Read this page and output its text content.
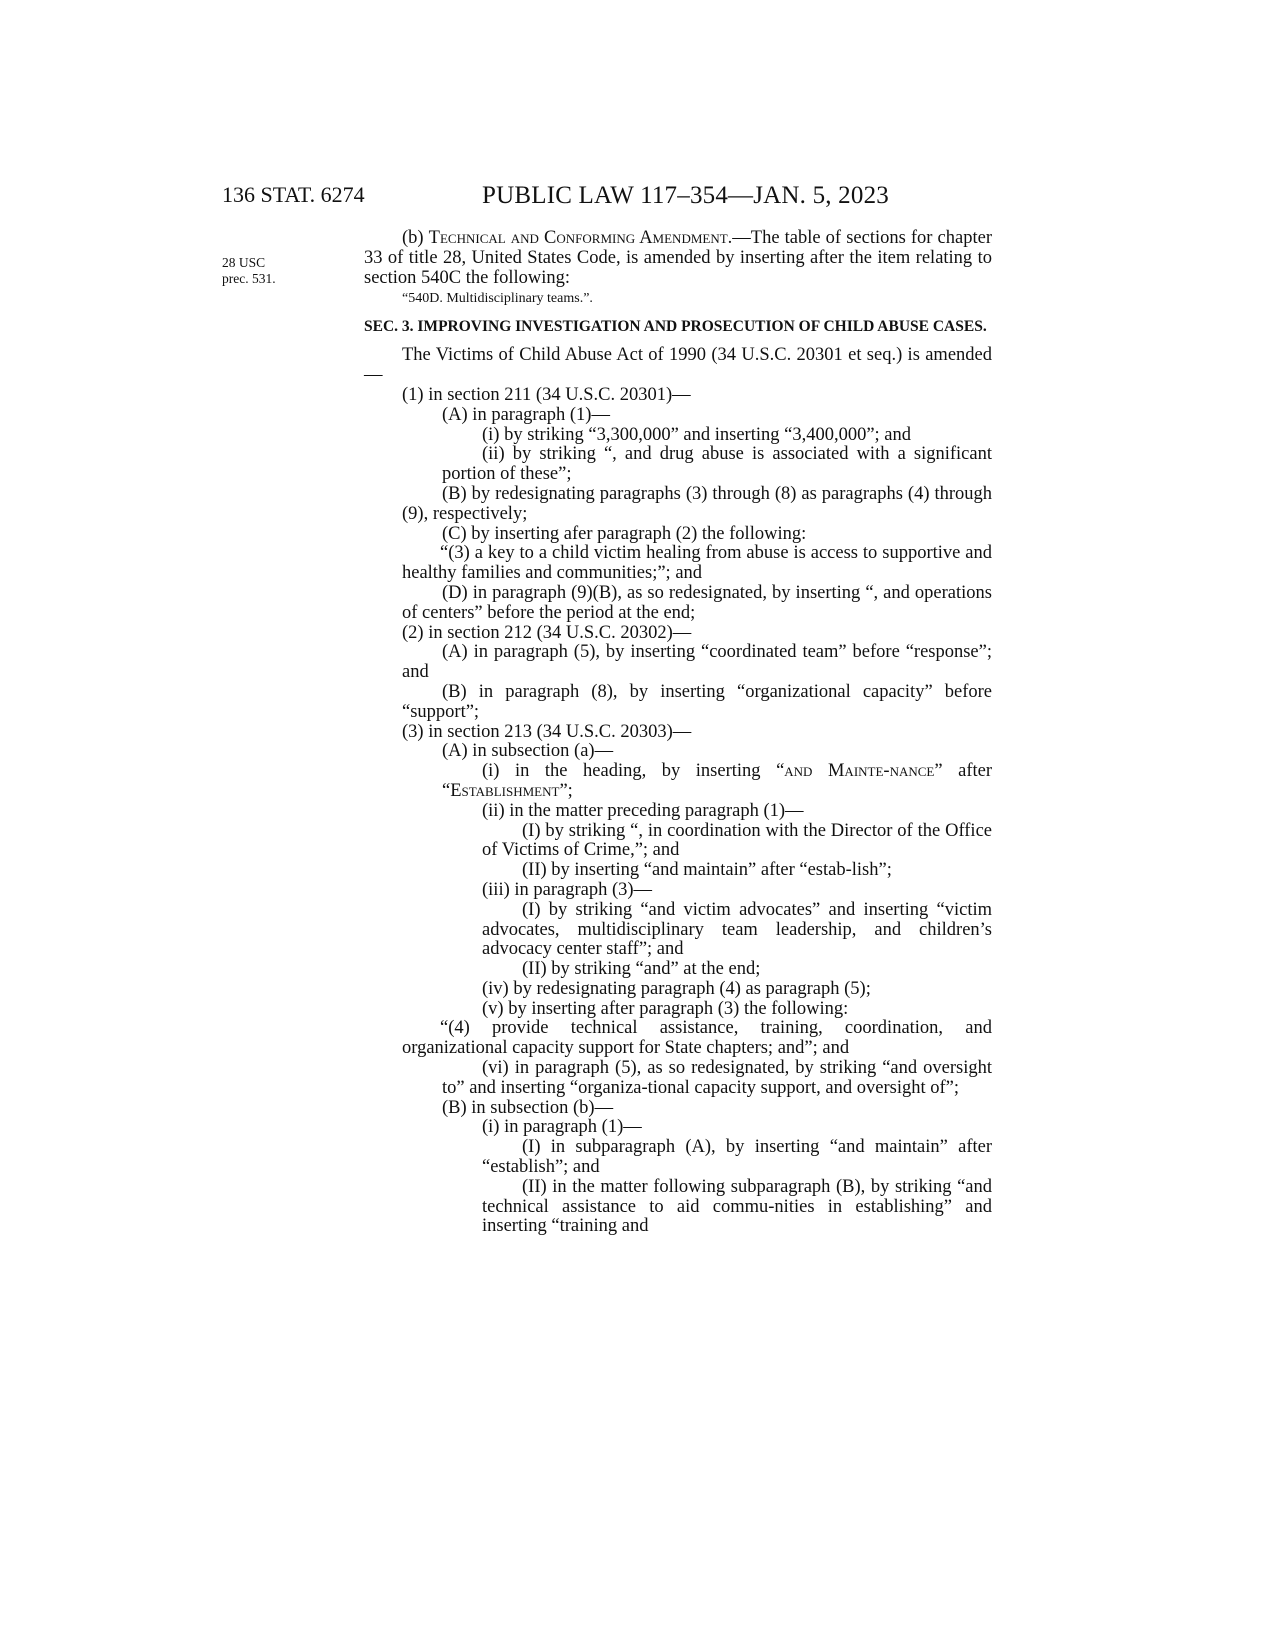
136 STAT. 6274	PUBLIC LAW 117–354—JAN. 5, 2023
28 USC
prec. 531.

(b) Technical and Conforming Amendment.—The table of sections for chapter 33 of title 28, United States Code, is amended by inserting after the item relating to section 540C the following:

“540D. Multidisciplinary teams.”.

SEC. 3. IMPROVING INVESTIGATION AND PROSECUTION OF CHILD ABUSE CASES.

The Victims of Child Abuse Act of 1990 (34 U.S.C. 20301 et seq.) is amended—

(1) in section 211 (34 U.S.C. 20301)—

(A) in paragraph (1)—

(i) by striking “3,300,000” and inserting “3,400,000”; and

(ii) by striking “, and drug abuse is associated with a significant portion of these”;

(B) by redesignating paragraphs (3) through (8) as paragraphs (4) through (9), respectively;

(C) by inserting afer paragraph (2) the following:

“(3) a key to a child victim healing from abuse is access to supportive and healthy families and communities;”; and

(D) in paragraph (9)(B), as so redesignated, by inserting “, and operations of centers” before the period at the end;

(2) in section 212 (34 U.S.C. 20302)—

(A) in paragraph (5), by inserting “coordinated team” before “response”; and

(B) in paragraph (8), by inserting “organizational capacity” before “support”;

(3) in section 213 (34 U.S.C. 20303)—

(A) in subsection (a)—

(i) in the heading, by inserting “and Mainte-nance” after “Establishment”;

(ii) in the matter preceding paragraph (1)—

(I) by striking “, in coordination with the Director of the Office of Victims of Crime,”; and

(II) by inserting “and maintain” after “estab-lish”;

(iii) in paragraph (3)—

(I) by striking “and victim advocates” and inserting “victim advocates, multidisciplinary team leadership, and children’s advocacy center staff”; and

(II) by striking “and” at the end;

(iv) by redesignating paragraph (4) as paragraph (5);

(v) by inserting after paragraph (3) the following:

“(4) provide technical assistance, training, coordination, and organizational capacity support for State chapters; and”; and

(vi) in paragraph (5), as so redesignated, by striking “and oversight to” and inserting “organiza-tional capacity support, and oversight of”;

(B) in subsection (b)—

(i) in paragraph (1)—

(I) in subparagraph (A), by inserting “and maintain” after “establish”; and

(II) in the matter following subparagraph (B), by striking “and technical assistance to aid commu-nities in establishing” and inserting “training and
